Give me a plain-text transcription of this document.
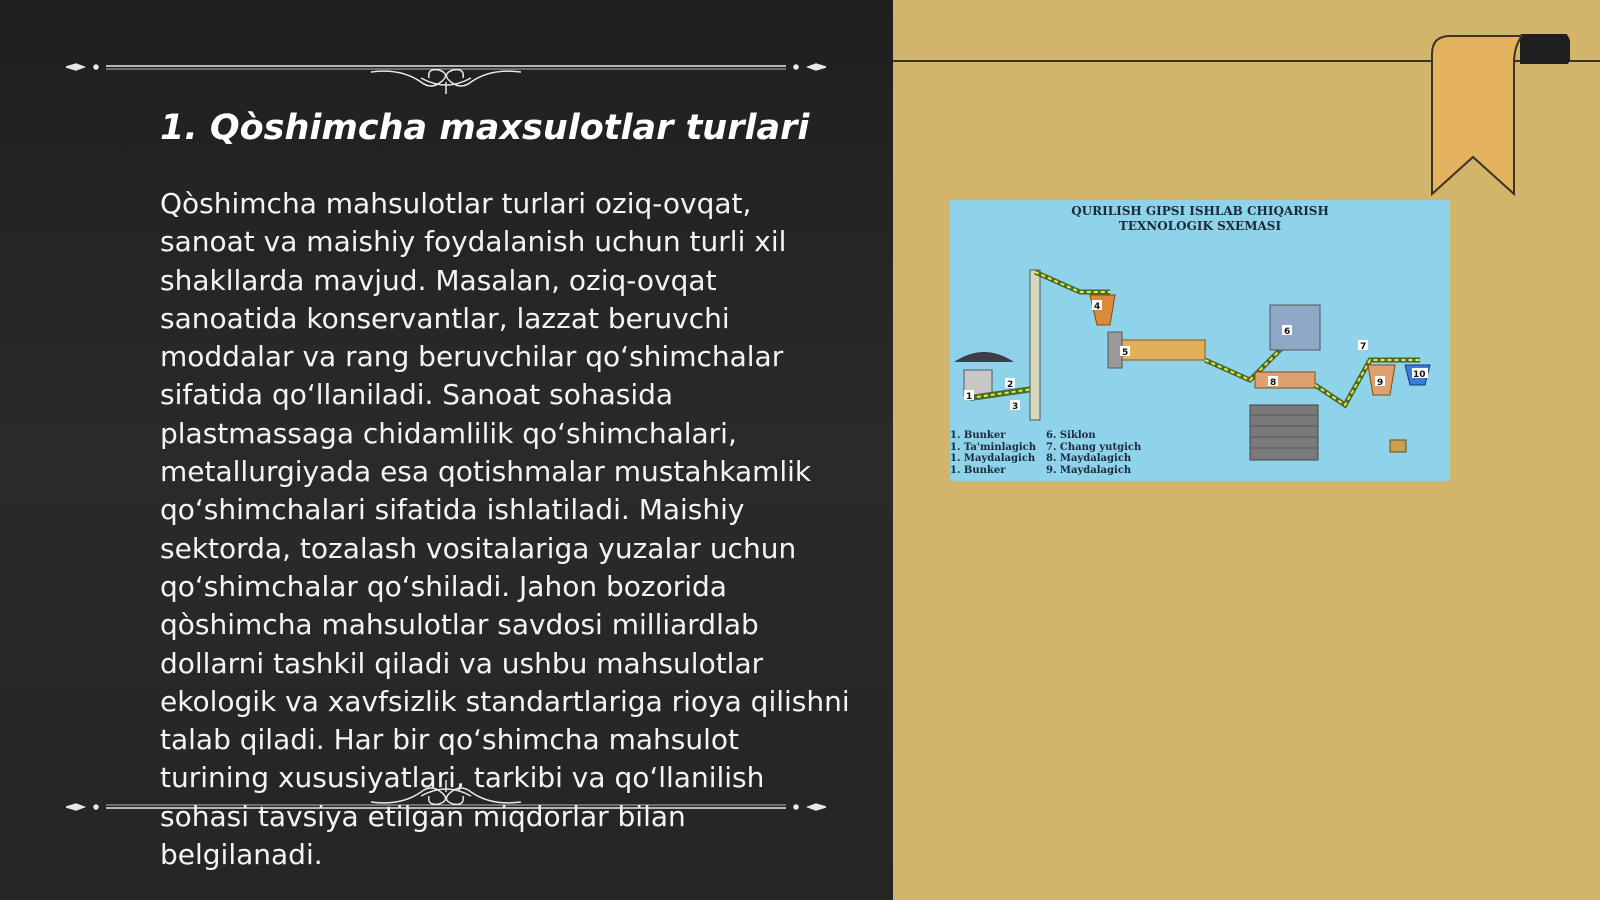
1. Qòshimcha maxsulotlar turlari

Qòshimcha mahsulotlar turlari oziq-ovqat, sanoat va maishiy foydalanish uchun turli xil shakllarda mavjud. Masalan, oziq-ovqat sanoatida konservantlar, lazzat beruvchi moddalar va rang beruvchilar qo‘shimchalar sifatida qo‘llaniladi. Sanoat sohasida plastmassaga chidamlilik qo‘shimchalari, metallurgiyada esa qotishmalar mustahkamlik qo‘shimchalari sifatida ishlatiladi. Maishiy sektorda, tozalash vositalariga yuzalar uchun qo‘shimchalar qo‘shiladi. Jahon bozorida qòshimcha mahsulotlar savdosi milliardlab dollarni tashkil qiladi va ushbu mahsulotlar ekologik va xavfsizlik standartlariga rioya qilishni talab qiladi. Har bir qo‘shimcha mahsulot turining xususiyatlari, tarkibi va qo‘llanilish sohasi tavsiya etilgan miqdorlar bilan belgilanadi.

1
2
3
4
5
6
7
8	9
10
QURILISH GIPSI ISHLAB CHIQARISH
TEXNOLOGIK SXEMASI
1. Bunker
1. Ta'minlagich
1. Maydalagich
1. Bunker
6. Siklon
7. Chang yutgich
8. Maydalagich
9. Maydalagich
